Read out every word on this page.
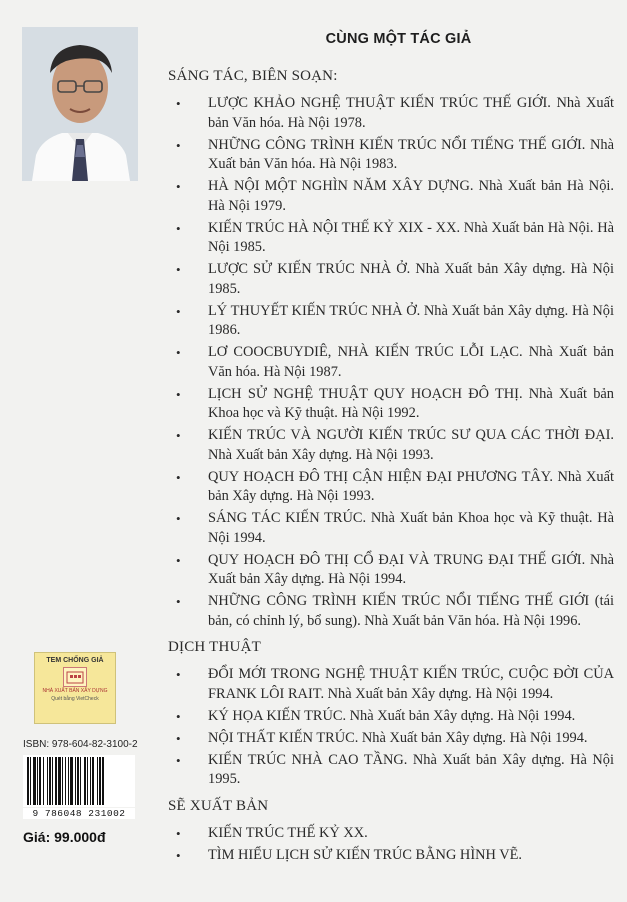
CÙNG MỘT TÁC GIẢ
SÁNG TÁC, BIÊN SOẠN:
• LƯỢC KHẢO NGHỆ THUẬT KIẾN TRÚC THẾ GIỚI. Nhà Xuất bản Văn hóa. Hà Nội 1978.
• NHỮNG CÔNG TRÌNH KIẾN TRÚC NỔI TIẾNG THẾ GIỚI. Nhà Xuất bản Văn hóa. Hà Nội 1983.
• HÀ NỘI MỘT NGHÌN NĂM XÂY DỰNG. Nhà Xuất bản Hà Nội. Hà Nội 1979.
• KIẾN TRÚC HÀ NỘI THẾ KỶ XIX - XX. Nhà Xuất bản Hà Nội. Hà Nội 1985.
• LƯỢC SỬ KIẾN TRÚC NHÀ Ở. Nhà Xuất bản Xây dựng. Hà Nội 1985.
• LÝ THUYẾT KIẾN TRÚC NHÀ Ở. Nhà Xuất bản Xây dựng. Hà Nội 1986.
• LƠ COOCBUYDIÊ, NHÀ KIẾN TRÚC LỖI LẠC. Nhà Xuất bản Văn hóa. Hà Nội 1987.
• LỊCH SỬ NGHỆ THUẬT QUY HOẠCH ĐÔ THỊ. Nhà Xuất bản Khoa học và Kỹ thuật. Hà Nội 1992.
• KIẾN TRÚC VÀ NGƯỜI KIẾN TRÚC SƯ QUA CÁC THỜI ĐẠI. Nhà Xuất bản Xây dựng. Hà Nội 1993.
• QUY HOẠCH ĐÔ THỊ CẬN HIỆN ĐẠI PHƯƠNG TÂY. Nhà Xuất bản Xây dựng. Hà Nội 1993.
• SÁNG TÁC KIẾN TRÚC. Nhà Xuất bản Khoa học và Kỹ thuật. Hà Nội 1994.
• QUY HOẠCH ĐÔ THỊ CỔ ĐẠI VÀ TRUNG ĐẠI THẾ GIỚI. Nhà Xuất bản Xây dựng. Hà Nội 1994.
• NHỮNG CÔNG TRÌNH KIẾN TRÚC NỔI TIẾNG THẾ GIỚI (tái bản, có chỉnh lý, bổ sung). Nhà Xuất bản Văn hóa. Hà Nội 1996.
DỊCH THUẬT
• ĐỔI MỚI TRONG NGHỆ THUẬT KIẾN TRÚC, CUỘC ĐỜI CỦA FRANK LÔI RAIT. Nhà Xuất bản Xây dựng. Hà Nội 1994.
• KÝ HỌA KIẾN TRÚC. Nhà Xuất bản Xây dựng. Hà Nội 1994.
• NỘI THẤT KIẾN TRÚC. Nhà Xuất bản Xây dựng. Hà Nội 1994.
• KIẾN TRÚC NHÀ CAO TẦNG. Nhà Xuất bản Xây dựng. Hà Nội 1995.
SẼ XUẤT BẢN
• KIẾN TRÚC THẾ KỶ XX.
• TÌM HIỂU LỊCH SỬ KIẾN TRÚC BẰNG HÌNH VẼ.
TEM CHỐNG GIẢ
NHÀ XUẤT BẢN XÂY DỰNG
Quét bằng VietCheck
ISBN: 978-604-82-3100-2
9 786048 231002
Giá: 99.000đ
